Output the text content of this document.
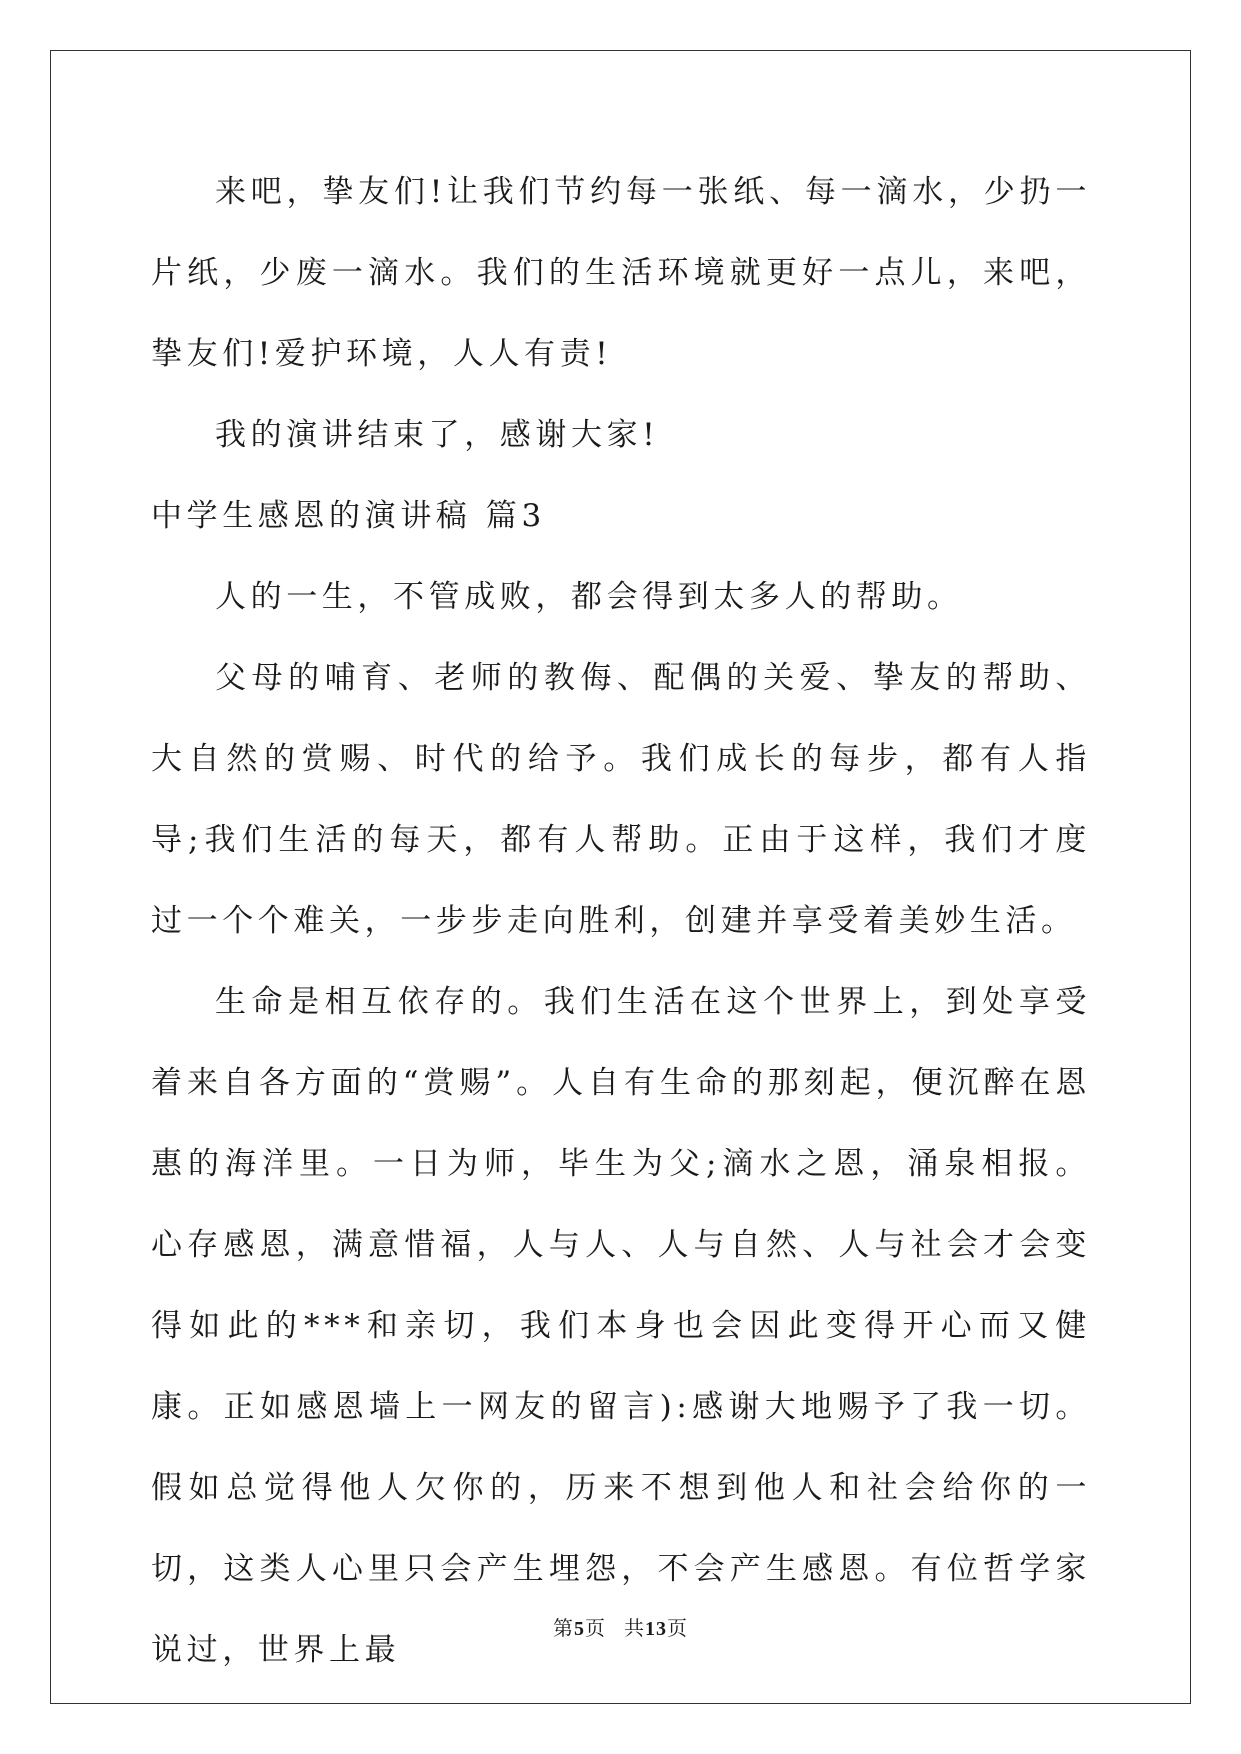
来吧，挚友们!让我们节约每一张纸、每一滴水，少扔一片纸，少废一滴水。我们的生活环境就更好一点儿，来吧，挚友们!爱护环境，人人有责!

我的演讲结束了，感谢大家!

中学生感恩的演讲稿 篇3

人的一生，不管成败，都会得到太多人的帮助。

父母的哺育、老师的教侮、配偶的关爱、挚友的帮助、大自然的赏赐、时代的给予。我们成长的每步，都有人指导;我们生活的每天，都有人帮助。正由于这样，我们才度过一个个难关，一步步走向胜利，创建并享受着美妙生活。

生命是相互依存的。我们生活在这个世界上，到处享受着来自各方面的“赏赐”。人自有生命的那刻起，便沉醉在恩惠的海洋里。一日为师，毕生为父;滴水之恩，涌泉相报。心存感恩，满意惜福，人与人、人与自然、人与社会才会变得如此的***和亲切，我们本身也会因此变得开心而又健康。正如感恩墙上一网友的留言):感谢大地赐予了我一切。假如总觉得他人欠你的，历来不想到他人和社会给你的一切，这类人心里只会产生埋怨，不会产生感恩。有位哲学家说过，世界上最

第5页 共13页
